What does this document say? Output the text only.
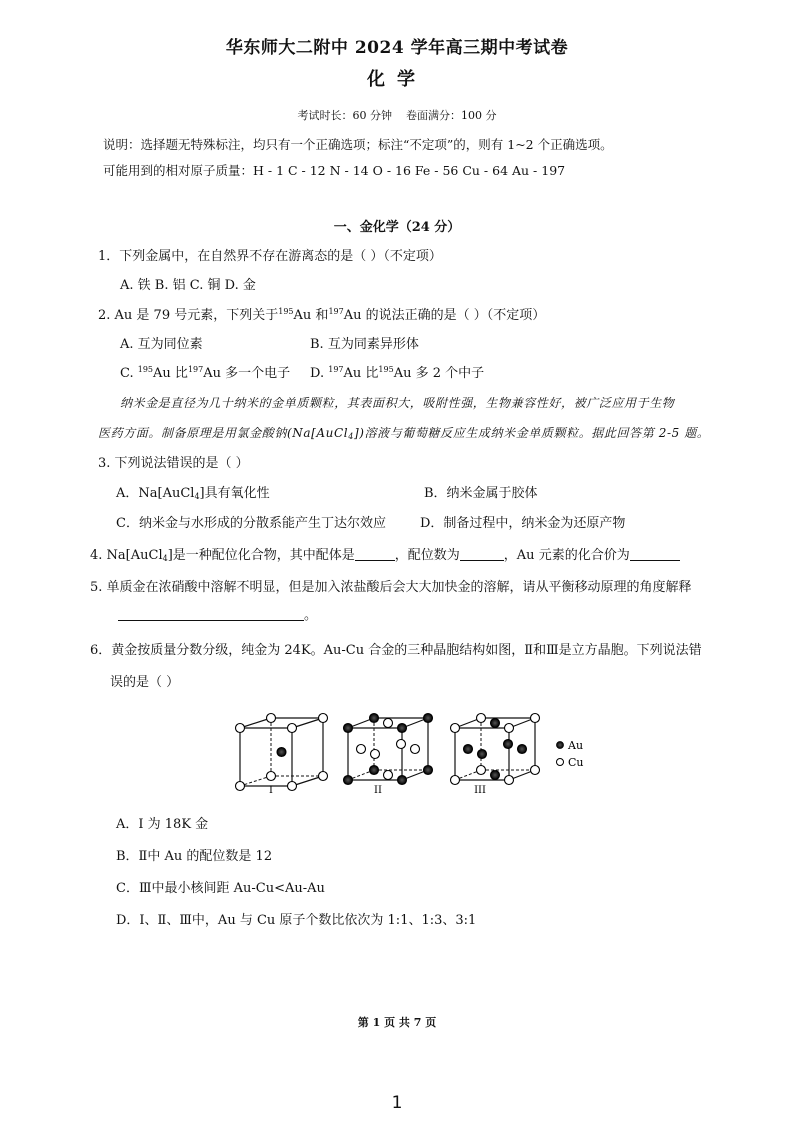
华东师大二附中 2024 学年高三期中考试卷
化学
考试时长：60 分钟 卷面满分：100 分
说明：选择题无特殊标注，均只有一个正确选项；标注“不定项”的，则有 1~2 个正确选项。
可能用到的相对原子质量：H - 1 C - 12 N - 14 O - 16 Fe - 56 Cu - 64 Au - 197
一、金化学（24 分）
1．下列金属中，在自然界不存在游离态的是（ ）（不定项）
A. 铁 B. 铝 C. 铜 D. 金
2. Au 是 79 号元素，下列关于$^{195}$Au 和$^{197}$Au 的说法正确的是（ ）（不定项）
A. 互为同位素	B. 互为同素异形体
C. $^{195}$Au 比$^{197}$Au 多一个电子 D. $^{197}$Au 比$^{195}$Au 多 2 个中子
纳米金是直径为几十纳米的金单质颗粒，其表面积大，吸附性强，生物兼容性好，被广泛应用于生物
医药方面。制备原理是用氯金酸钠(Na[AuCl$_4$])溶液与葡萄糖反应生成纳米金单质颗粒。据此回答第 2-5 题。
3. 下列说法错误的是（ ）
A．Na[AuCl$_4$]具有氧化性	B．纳米金属于胶体
C．纳米金与水形成的分散系能产生丁达尔效应	D．制备过程中，纳米金为还原产物
4. Na[AuCl$_4$]是一种配位化合物，其中配体是	，配位数为	，Au 元素的化合价为
5. 单质金在浓硝酸中溶解不明显，但是加入浓盐酸后会大大加快金的溶解，请从平衡移动原理的角度解释
。
6．黄金按质量分数分级，纯金为 24K。Au-Cu 合金的三种晶胞结构如图，Ⅱ和Ⅲ是立方晶胞。下列说法错
误的是（ ）
I	II	III
Au
Cu
A．I 为 18K 金
B．Ⅱ中 Au 的配位数是 12
C．Ⅲ中最小核间距 Au-Cu<Au-Au
D．I、Ⅱ、Ⅲ中，Au 与 Cu 原子个数比依次为 1:1、1:3、3:1
第 1 页 共 7 页
1
